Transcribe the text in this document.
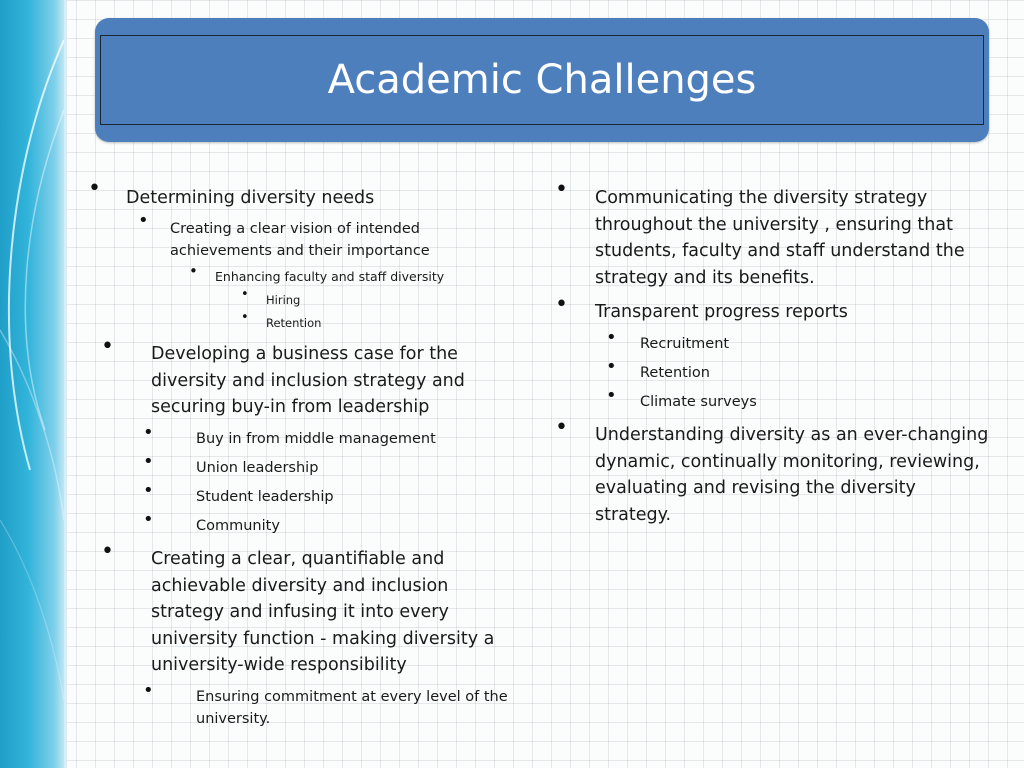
Academic Challenges
• Determining diversity needs
• Creating a clear vision of intended achievements and their importance
• Enhancing faculty and staff diversity
• Hiring
• Retention
• Developing a business case for the diversity and inclusion strategy and securing buy-in from leadership
•	Buy in from middle management
•	Union leadership
•	Student leadership
•	Community
• Creating a clear, quantifiable and achievable diversity and inclusion strategy and infusing it into every university function - making diversity a university-wide responsibility
•	Ensuring commitment at every level of the university.
• Communicating the diversity strategy throughout the university , ensuring that students, faculty and staff understand the strategy and its benefits.
• Transparent progress reports
• Recruitment
• Retention
• Climate surveys
• Understanding diversity as an ever-changing dynamic, continually monitoring, reviewing, evaluating and revising the diversity strategy.
